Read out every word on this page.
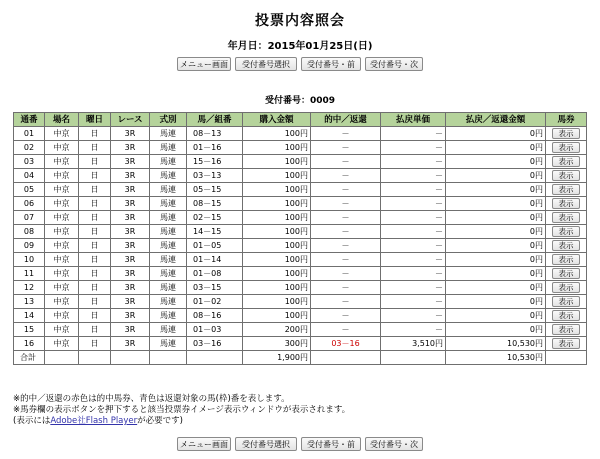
投票内容照会
年月日：2015年01月25日(日)
メニュー画面 受付番号選択 受付番号・前 受付番号・次
受付番号：0009
通番	場名	曜日	レース	式別	馬／組番	購入金額	的中／返還	払戻単価	払戻／返還金額	馬券
01	中京	日	3R	馬連	08－13	100円	－	－	0円	表示
02	中京	日	3R	馬連	01－16	100円	－	－	0円	表示
03	中京	日	3R	馬連	15－16	100円	－	－	0円	表示
04	中京	日	3R	馬連	03－13	100円	－	－	0円	表示
05	中京	日	3R	馬連	05－15	100円	－	－	0円	表示
06	中京	日	3R	馬連	08－15	100円	－	－	0円	表示
07	中京	日	3R	馬連	02－15	100円	－	－	0円	表示
08	中京	日	3R	馬連	14－15	100円	－	－	0円	表示
09	中京	日	3R	馬連	01－05	100円	－	－	0円	表示
10	中京	日	3R	馬連	01－14	100円	－	－	0円	表示
11	中京	日	3R	馬連	01－08	100円	－	－	0円	表示
12	中京	日	3R	馬連	03－15	100円	－	－	0円	表示
13	中京	日	3R	馬連	01－02	100円	－	－	0円	表示
14	中京	日	3R	馬連	08－16	100円	－	－	0円	表示
15	中京	日	3R	馬連	01－03	200円	－	－	0円	表示
16	中京	日	3R	馬連	03－16	300円	03－16	3,510円	10,530円	表示
合計						1,900円			10,530円	
※的中／返還の赤色は的中馬券、青色は返還対象の馬(枠)番を表します。
※馬券欄の表示ボタンを押下すると該当投票券イメージ表示ウィンドウが表示されます。
(表示にはAdobe社Flash Playerが必要です)
メニュー画面 受付番号選択 受付番号・前 受付番号・次
